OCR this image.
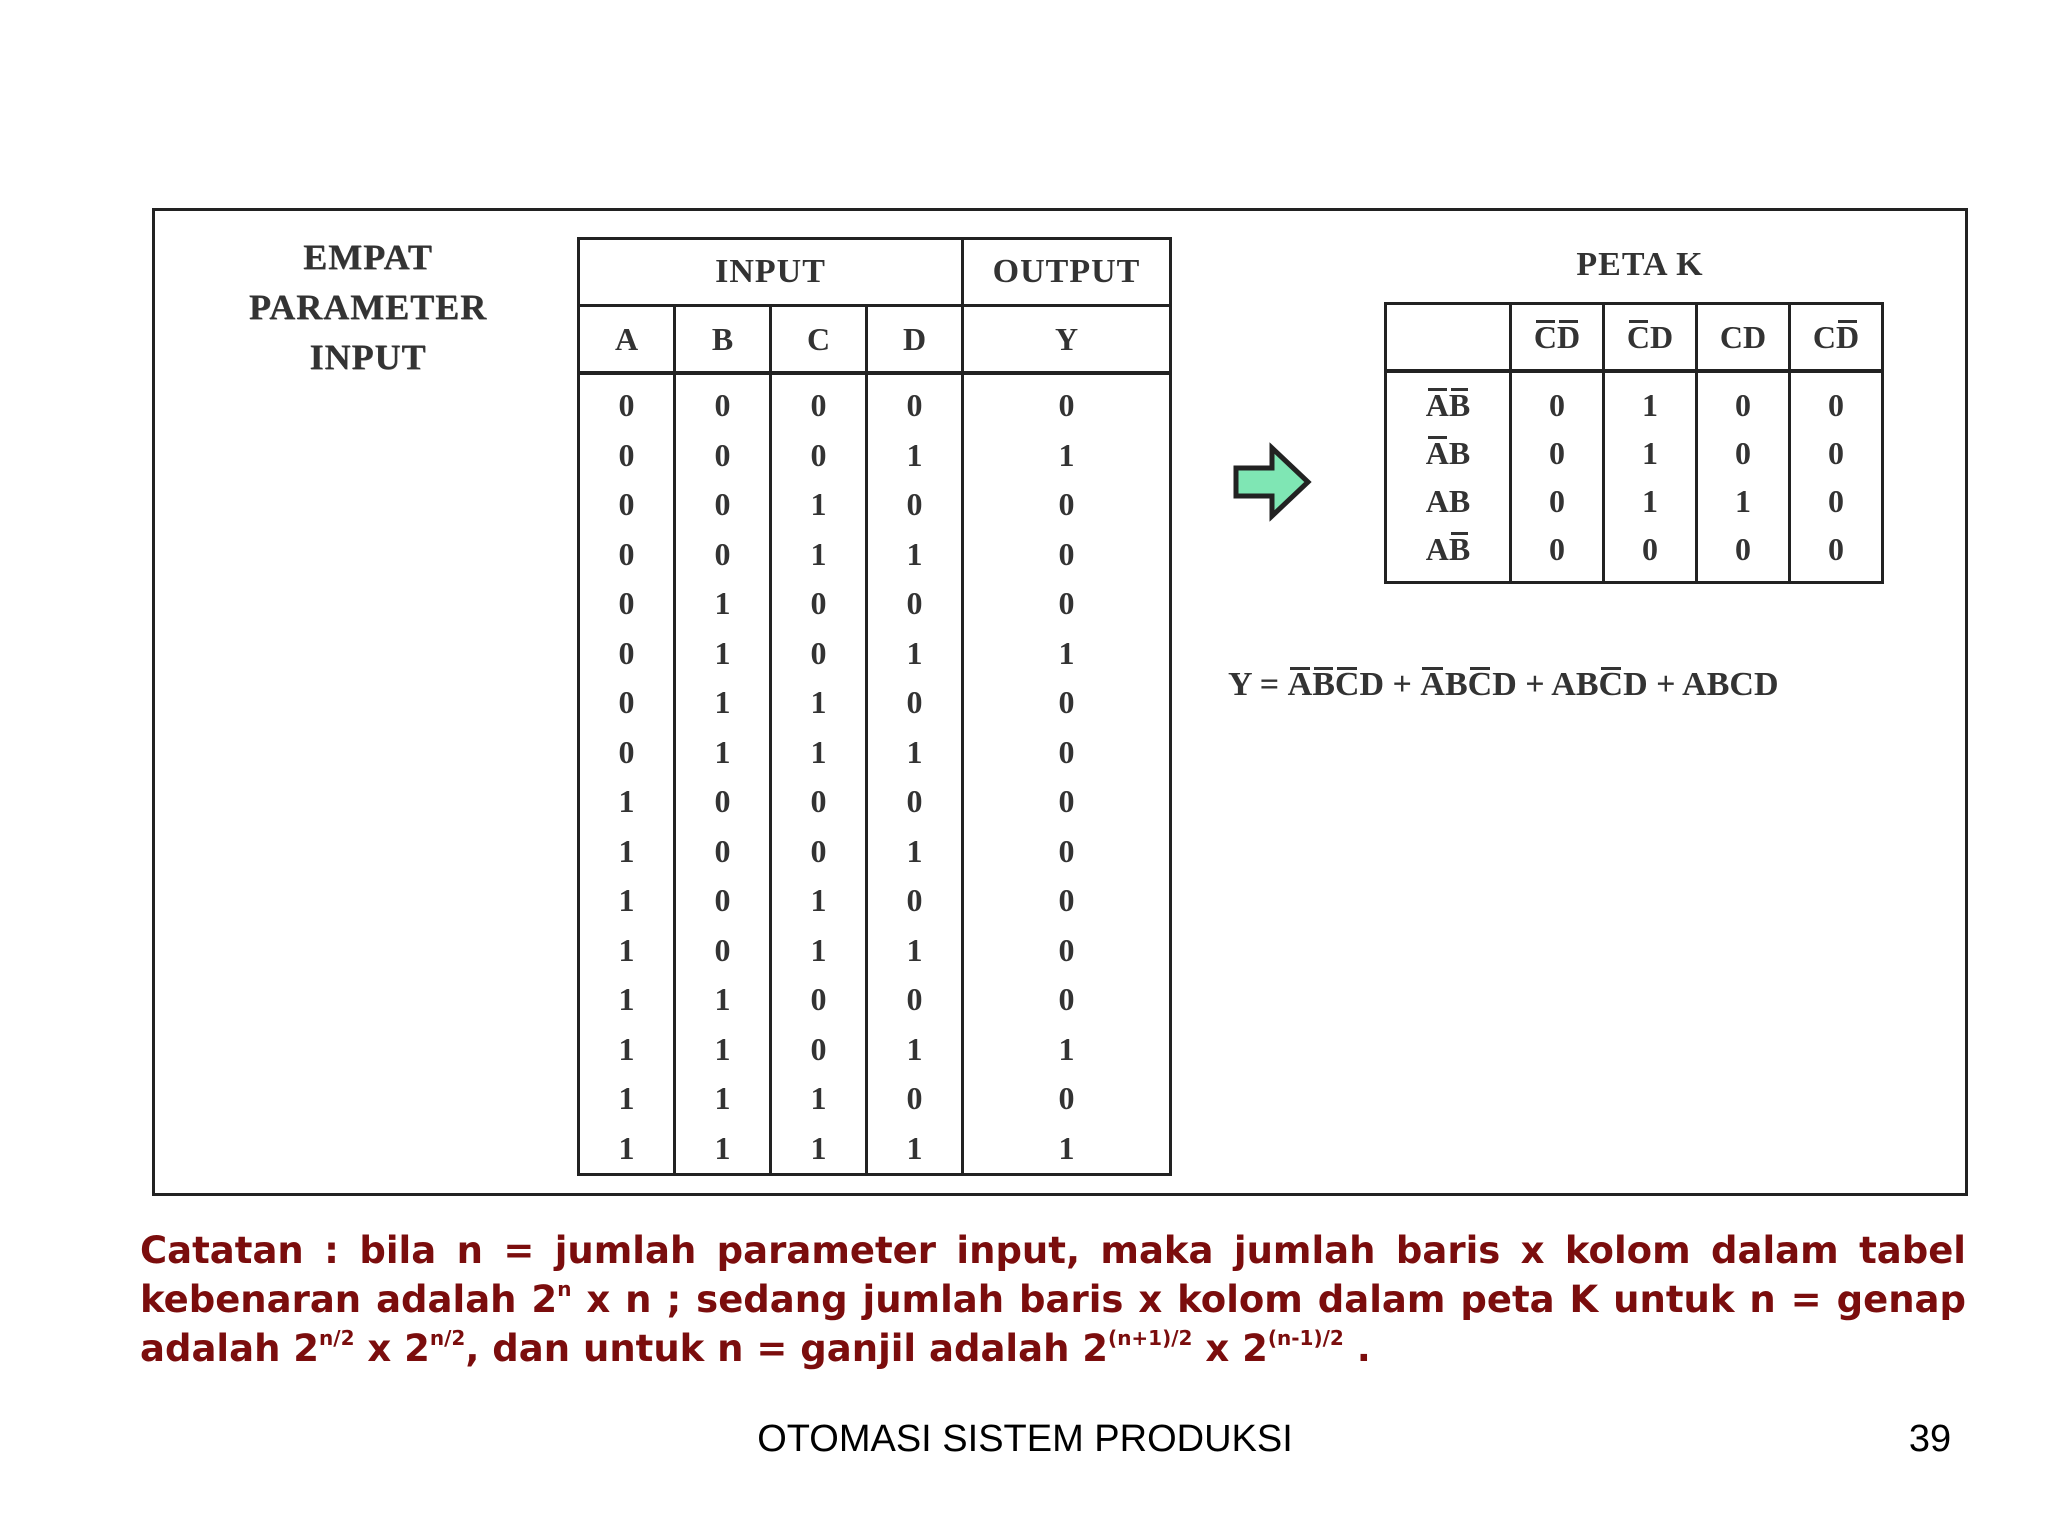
EMPAT
PARAMETER
INPUT
INPUT				OUTPUT
A	B	C	D	Y
0	0	0	0	0
0	0	0	1	1
0	0	1	0	0
0	0	1	1	0
0	1	0	0	0
0	1	0	1	1
0	1	1	0	0
0	1	1	1	0
1	0	0	0	0
1	0	0	1	0
1	0	1	0	0
1	0	1	1	0
1	1	0	0	0
1	1	0	1	1
1	1	1	0	0
1	1	1	1	1
PETA K
	CD	CD	CD	CD
AB	0	1	0	0
AB	0	1	0	0
AB	0	1	1	0
AB	0	0	0	0
Y = ABCD + ABCD + ABCD + ABCD
Catatan : bila n = jumlah parameter input, maka jumlah baris x kolom dalam tabel kebenaran adalah 2$^n$ x n ; sedang jumlah baris x kolom dalam peta K untuk n = genap adalah $2^{n/2}$ x $2^{n/2}$, dan untuk n = ganjil adalah $2^{(n+1)/2}$ x $2^{(n-1)/2}$ .
OTOMASI SISTEM PRODUKSI	39
